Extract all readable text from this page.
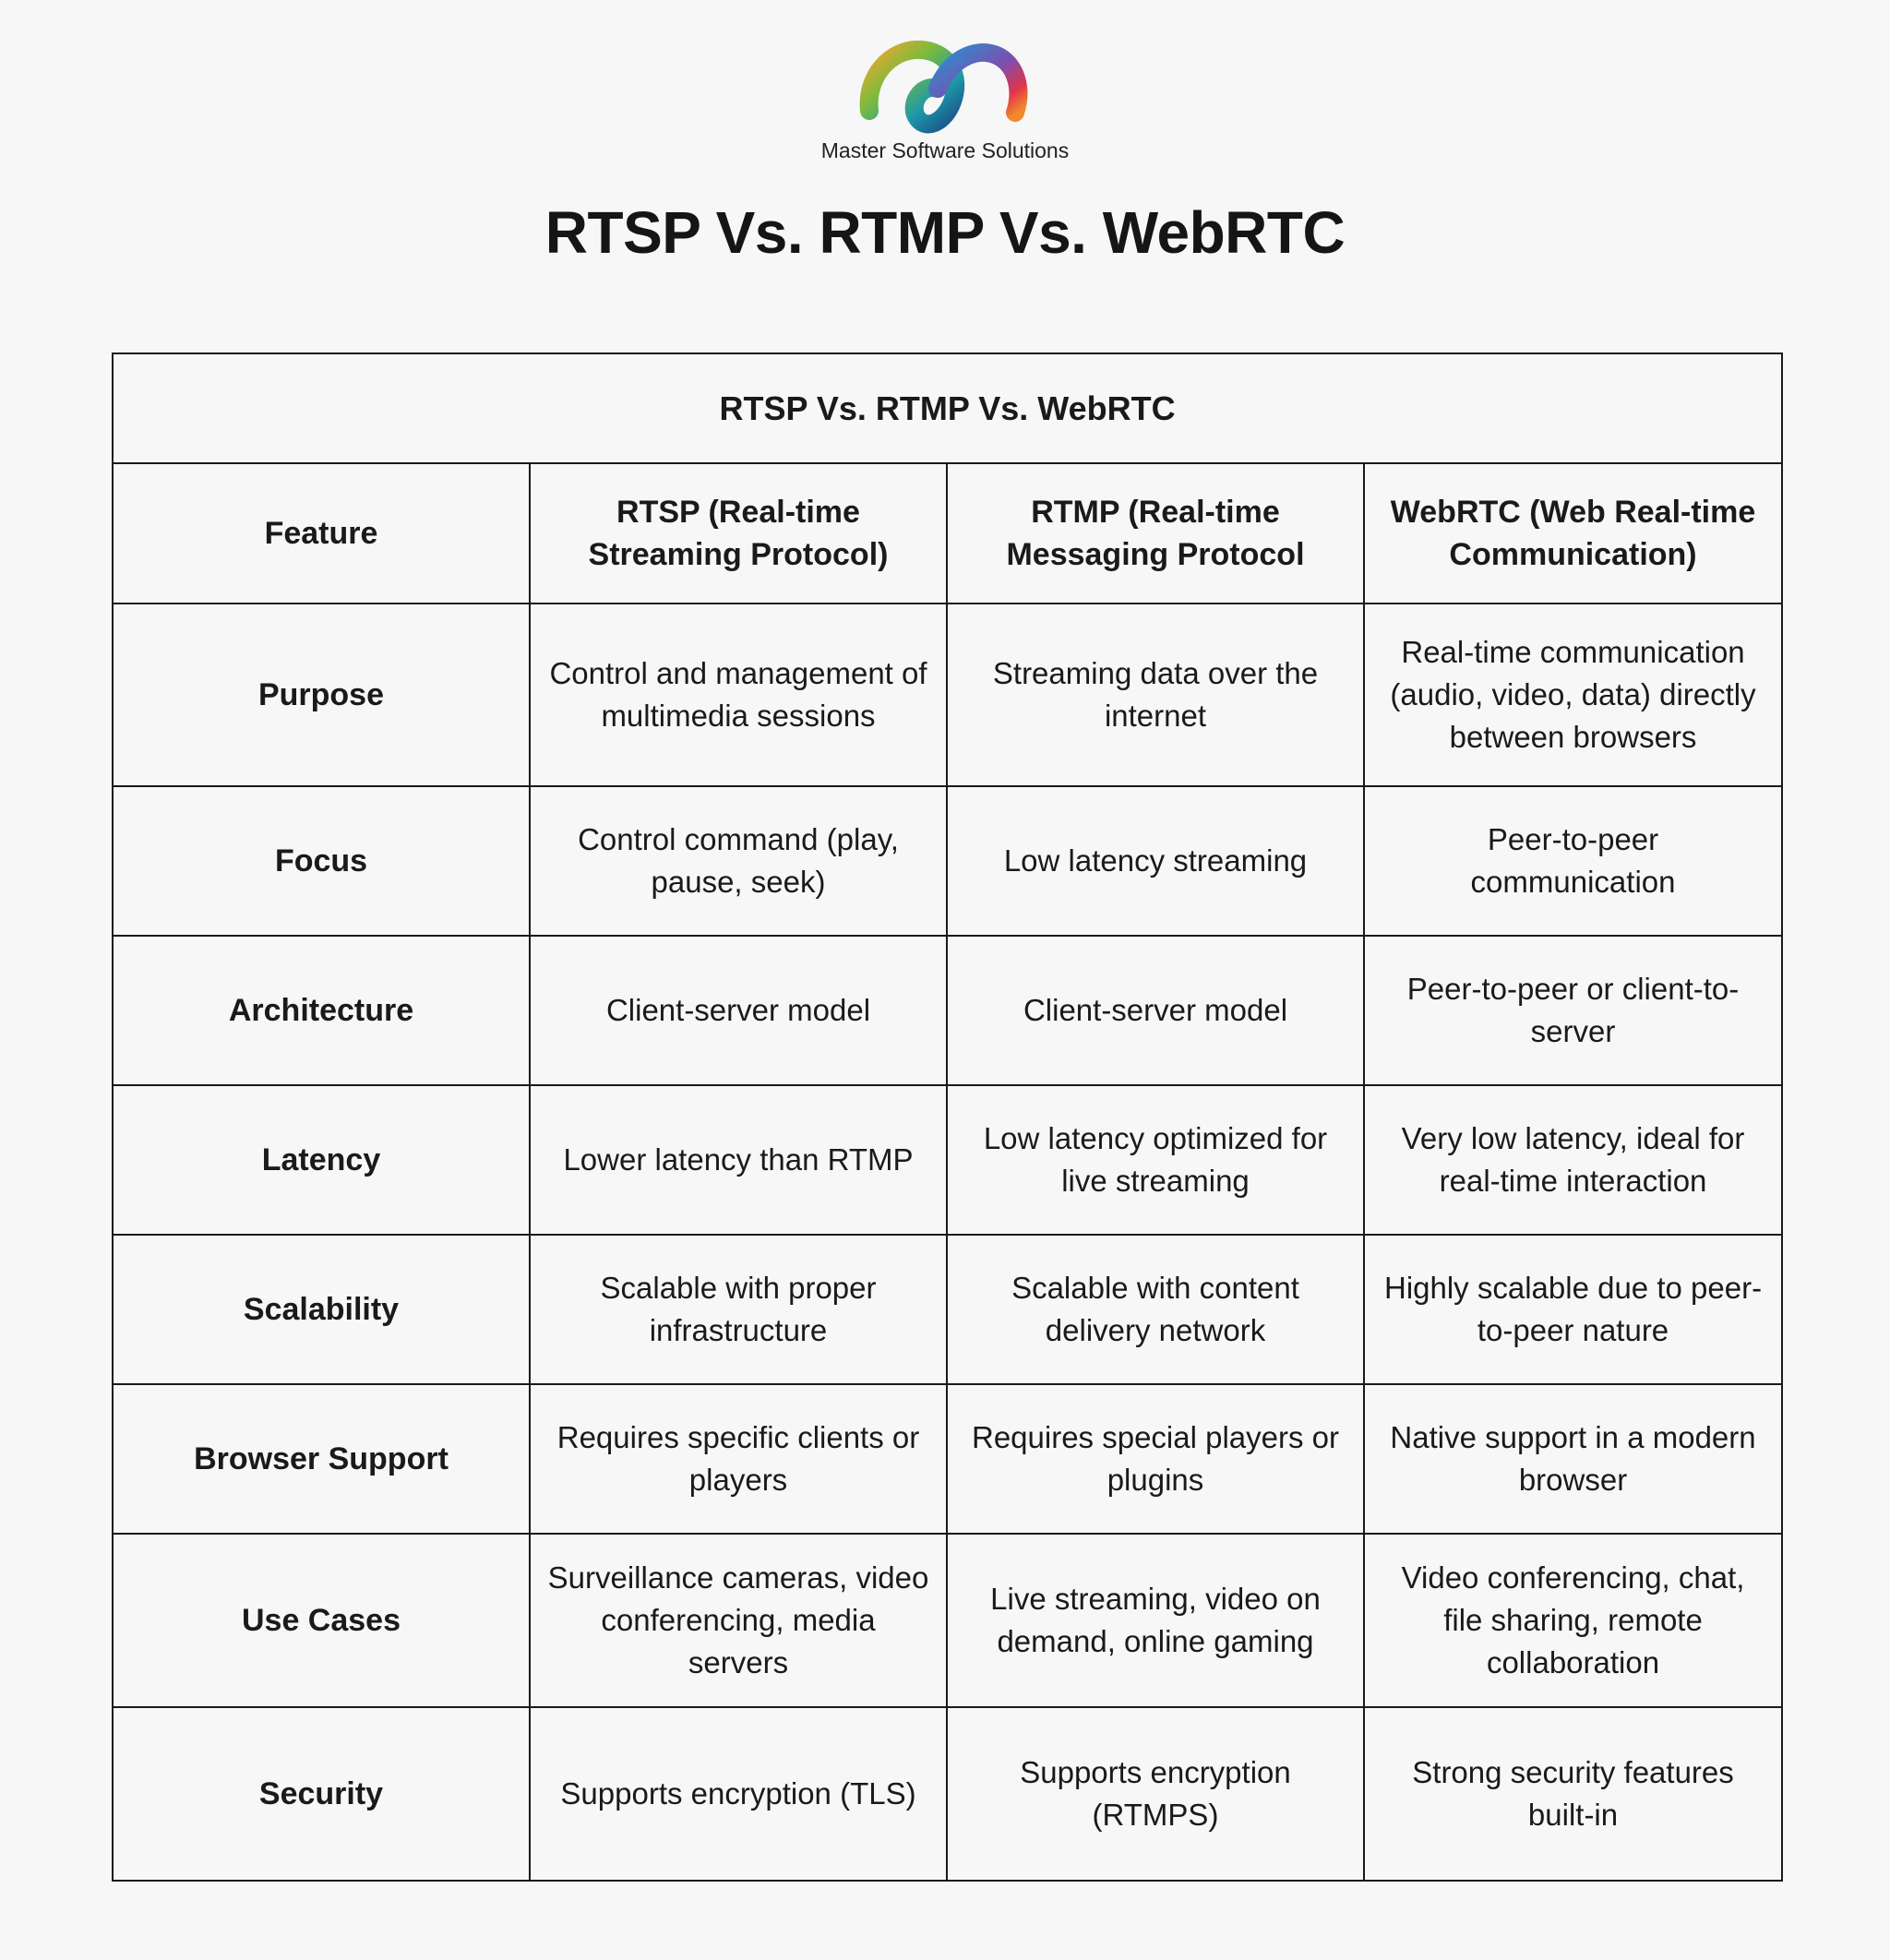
Master Software Solutions
RTSP Vs. RTMP Vs. WebRTC
RTSP Vs. RTMP Vs. WebRTC			
Feature	RTSP (Real-time Streaming Protocol)	RTMP (Real-time Messaging Protocol	WebRTC (Web Real-time Communication)
Purpose	Control and management of multimedia sessions	Streaming data over the internet	Real-time communication (audio, video, data) directly between browsers
Focus	Control command (play, pause, seek)	Low latency streaming	Peer-to-peer communication
Architecture	Client-server model	Client-server model	Peer-to-peer or client-to-server
Latency	Lower latency than RTMP	Low latency optimized for live streaming	Very low latency, ideal for real-time interaction
Scalability	Scalable with proper infrastructure	Scalable with content delivery network	Highly scalable due to peer-to-peer nature
Browser Support	Requires specific clients or players	Requires special players or plugins	Native support in a modern browser
Use Cases	Surveillance cameras, video conferencing, media servers	Live streaming, video on demand, online gaming	Video conferencing, chat, file sharing, remote collaboration
Security	Supports encryption (TLS)	Supports encryption (RTMPS)	Strong security features built-in
